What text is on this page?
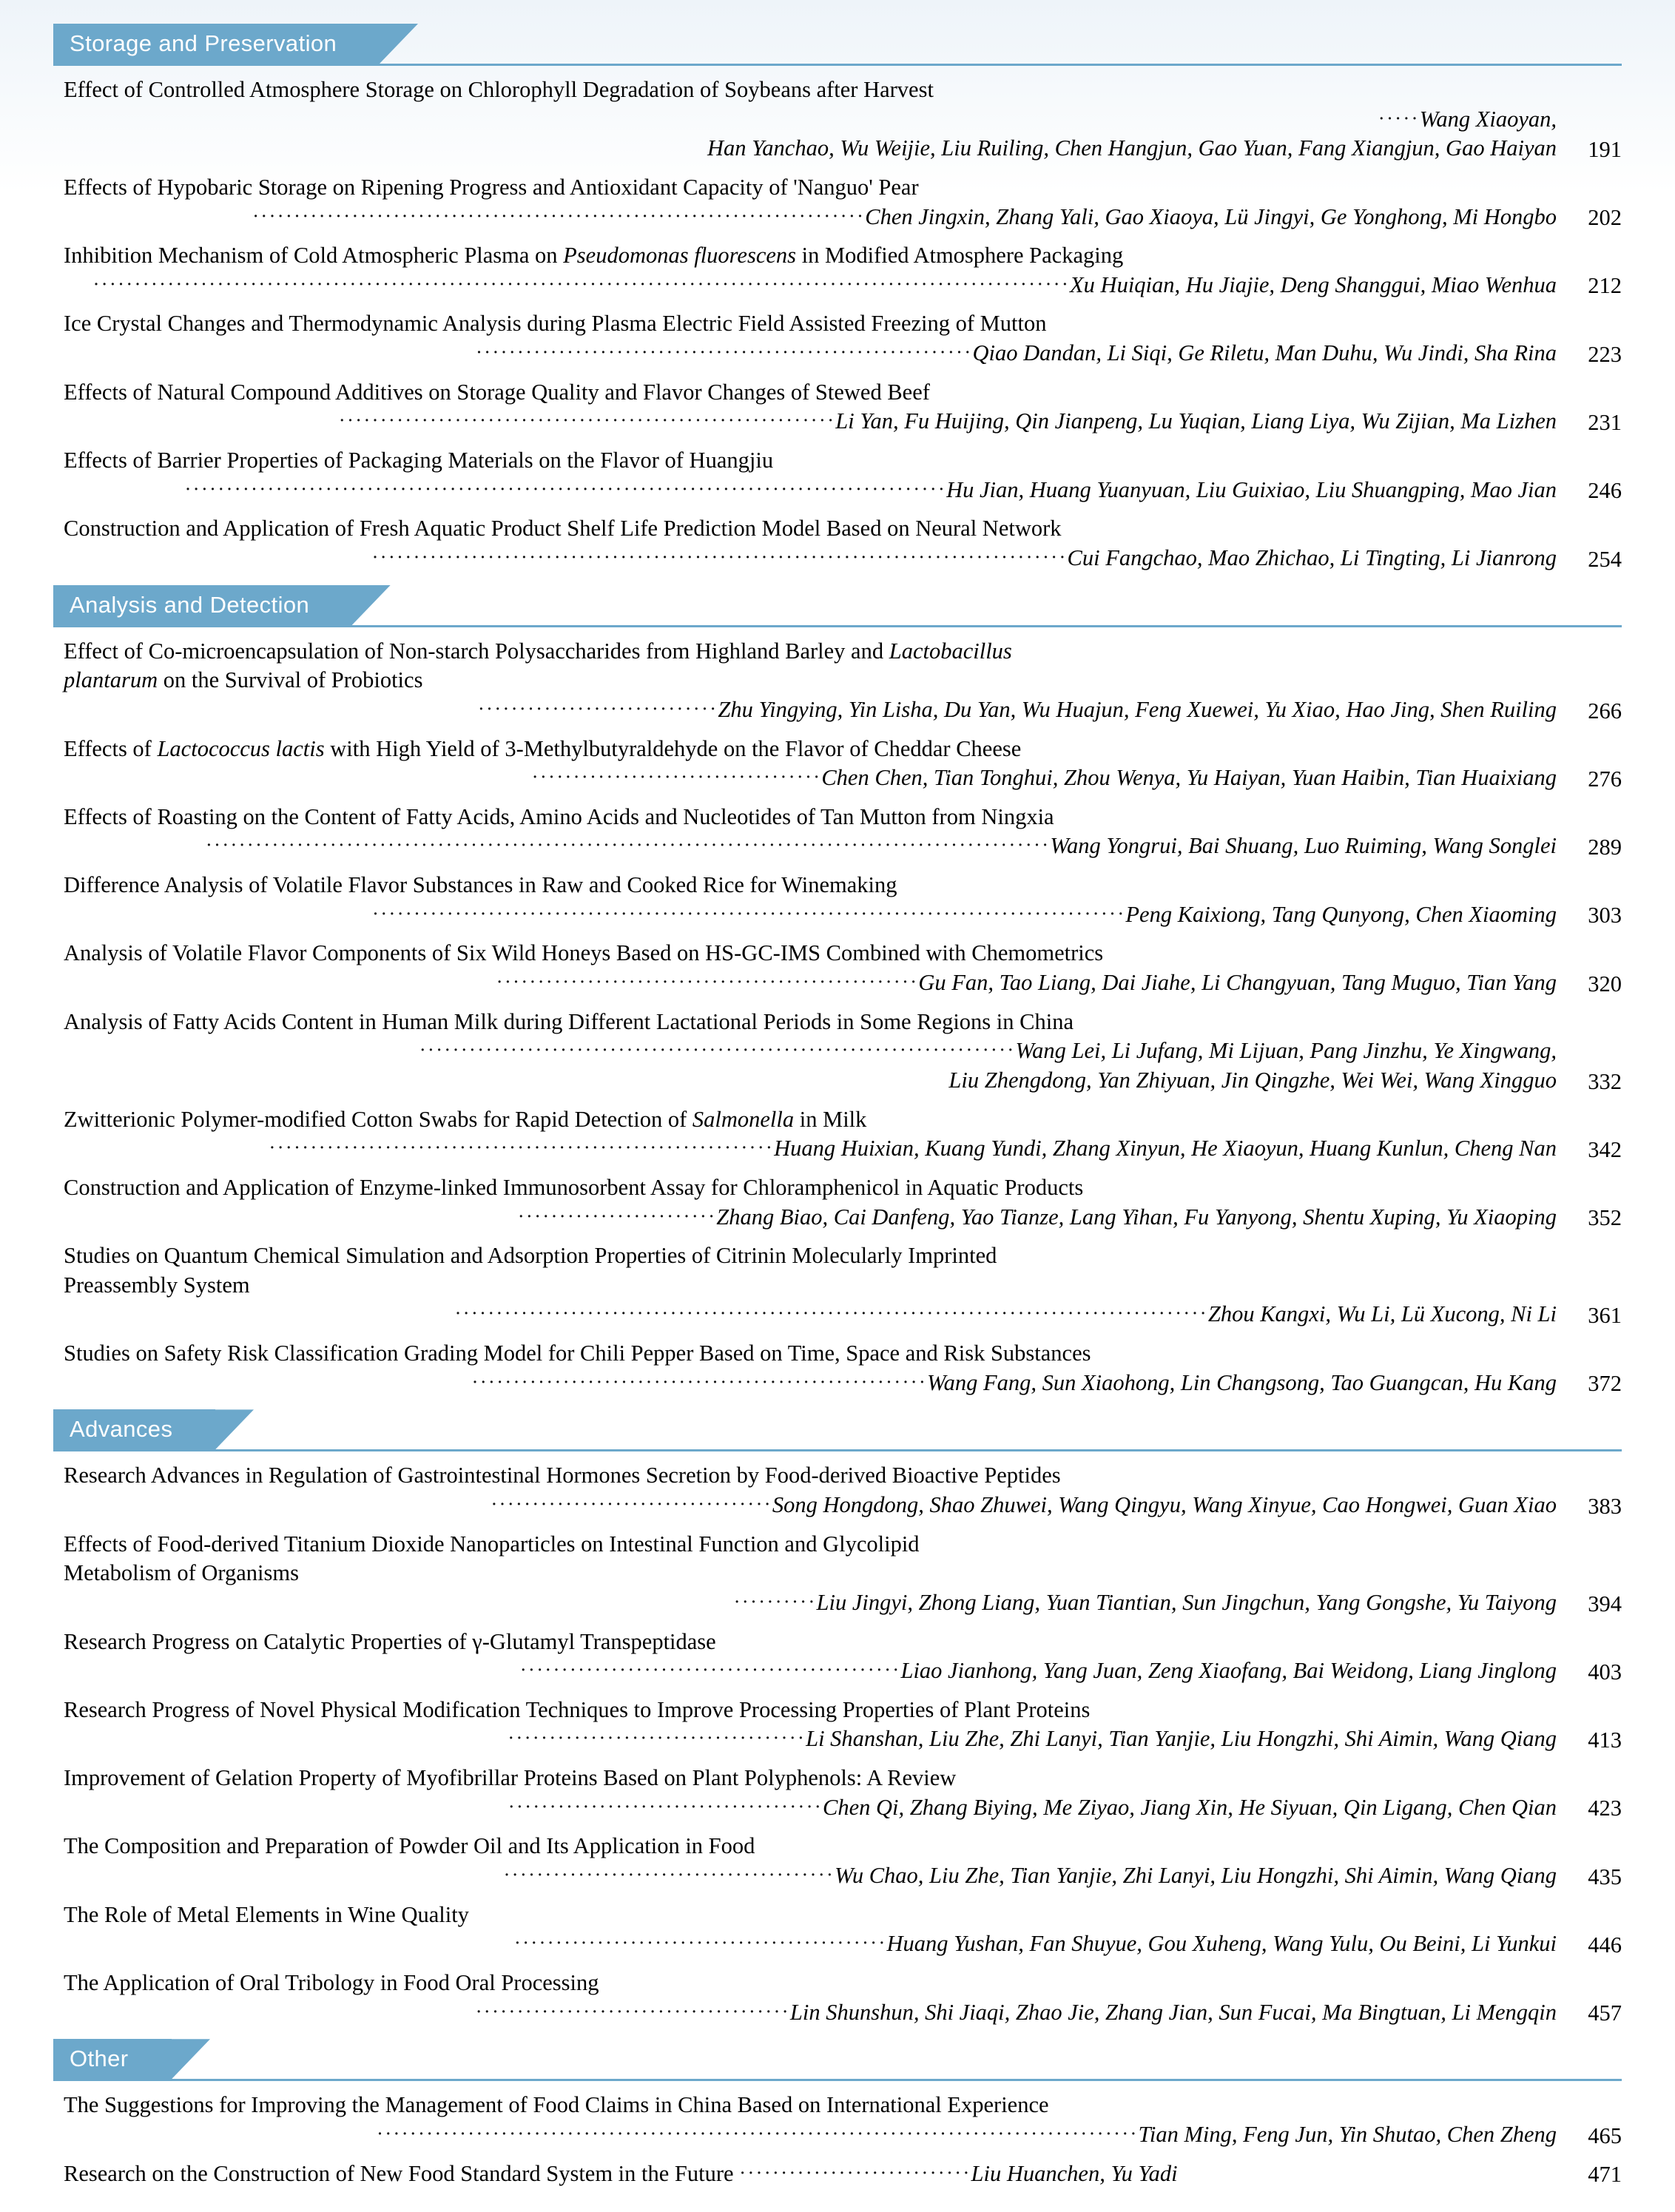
Storage and Preservation
Effect of Controlled Atmosphere Storage on Chlorophyll Degradation of Soybeans after Harvest
·····Wang Xiaoyan,
Han Yanchao, Wu Weijie, Liu Ruiling, Chen Hangjun, Gao Yuan, Fang Xiangjun, Gao Haiyan	191
Effects of Hypobaric Storage on Ripening Progress and Antioxidant Capacity of 'Nanguo' Pear
··········································································Chen Jingxin, Zhang Yali, Gao Xiaoya, Lü Jingyi, Ge Yonghong, Mi Hongbo	202
Inhibition Mechanism of Cold Atmospheric Plasma on Pseudomonas fluorescens in Modified Atmosphere Packaging
······················································································································Xu Huiqian, Hu Jiajie, Deng Shanggui, Miao Wenhua	212
Ice Crystal Changes and Thermodynamic Analysis during Plasma Electric Field Assisted Freezing of Mutton
····························································Qiao Dandan, Li Siqi, Ge Riletu, Man Duhu, Wu Jindi, Sha Rina	223
Effects of Natural Compound Additives on Storage Quality and Flavor Changes of Stewed Beef
····························································Li Yan, Fu Huijing, Qin Jianpeng, Lu Yuqian, Liang Liya, Wu Zijian, Ma Lizhen	231
Effects of Barrier Properties of Packaging Materials on the Flavor of Huangjiu
····························································································Hu Jian, Huang Yuanyuan, Liu Guixiao, Liu Shuangping, Mao Jian	246
Construction and Application of Fresh Aquatic Product Shelf Life Prediction Model Based on Neural Network
····················································································Cui Fangchao, Mao Zhichao, Li Tingting, Li Jianrong	254
Analysis and Detection
Effect of Co-microencapsulation of Non-starch Polysaccharides from Highland Barley and Lactobacillus
plantarum on the Survival of Probiotics
·····························Zhu Yingying, Yin Lisha, Du Yan, Wu Huajun, Feng Xuewei, Yu Xiao, Hao Jing, Shen Ruiling	266
Effects of Lactococcus lactis with High Yield of 3-Methylbutyraldehyde on the Flavor of Cheddar Cheese
···································Chen Chen, Tian Tonghui, Zhou Wenya, Yu Haiyan, Yuan Haibin, Tian Huaixiang	276
Effects of Roasting on the Content of Fatty Acids, Amino Acids and Nucleotides of Tan Mutton from Ningxia
······································································································Wang Yongrui, Bai Shuang, Luo Ruiming, Wang Songlei	289
Difference Analysis of Volatile Flavor Substances in Raw and Cooked Rice for Winemaking
···························································································Peng Kaixiong, Tang Qunyong, Chen Xiaoming	303
Analysis of Volatile Flavor Components of Six Wild Honeys Based on HS-GC-IMS Combined with Chemometrics
···················································Gu Fan, Tao Liang, Dai Jiahe, Li Changyuan, Tang Muguo, Tian Yang	320
Analysis of Fatty Acids Content in Human Milk during Different Lactational Periods in Some Regions in China
········································································Wang Lei, Li Jufang, Mi Lijuan, Pang Jinzhu, Ye Xingwang,
Liu Zhengdong, Yan Zhiyuan, Jin Qingzhe, Wei Wei, Wang Xingguo	332
Zwitterionic Polymer-modified Cotton Swabs for Rapid Detection of Salmonella in Milk
·····························································Huang Huixian, Kuang Yundi, Zhang Xinyun, He Xiaoyun, Huang Kunlun, Cheng Nan	342
Construction and Application of Enzyme-linked Immunosorbent Assay for Chloramphenicol in Aquatic Products
························Zhang Biao, Cai Danfeng, Yao Tianze, Lang Yihan, Fu Yanyong, Shentu Xuping, Yu Xiaoping	352
Studies on Quantum Chemical Simulation and Adsorption Properties of Citrinin Molecularly Imprinted
Preassembly System
···························································································Zhou Kangxi, Wu Li, Lü Xucong, Ni Li	361
Studies on Safety Risk Classification Grading Model for Chili Pepper Based on Time, Space and Risk Substances
·······················································Wang Fang, Sun Xiaohong, Lin Changsong, Tao Guangcan, Hu Kang	372
Advances
Research Advances in Regulation of Gastrointestinal Hormones Secretion by Food-derived Bioactive Peptides
··································Song Hongdong, Shao Zhuwei, Wang Qingyu, Wang Xinyue, Cao Hongwei, Guan Xiao	383
Effects of Food-derived Titanium Dioxide Nanoparticles on Intestinal Function and Glycolipid
Metabolism of Organisms
··········Liu Jingyi, Zhong Liang, Yuan Tiantian, Sun Jingchun, Yang Gongshe, Yu Taiyong	394
Research Progress on Catalytic Properties of γ-Glutamyl Transpeptidase
··············································Liao Jianhong, Yang Juan, Zeng Xiaofang, Bai Weidong, Liang Jinglong	403
Research Progress of Novel Physical Modification Techniques to Improve Processing Properties of Plant Proteins
····································Li Shanshan, Liu Zhe, Zhi Lanyi, Tian Yanjie, Liu Hongzhi, Shi Aimin, Wang Qiang	413
Improvement of Gelation Property of Myofibrillar Proteins Based on Plant Polyphenols: A Review
······································Chen Qi, Zhang Biying, Me Ziyao, Jiang Xin, He Siyuan, Qin Ligang, Chen Qian	423
The Composition and Preparation of Powder Oil and Its Application in Food
········································Wu Chao, Liu Zhe, Tian Yanjie, Zhi Lanyi, Liu Hongzhi, Shi Aimin, Wang Qiang	435
The Role of Metal Elements in Wine Quality
·············································Huang Yushan, Fan Shuyue, Gou Xuheng, Wang Yulu, Ou Beini, Li Yunkui	446
The Application of Oral Tribology in Food Oral Processing
······································Lin Shunshun, Shi Jiaqi, Zhao Jie, Zhang Jian, Sun Fucai, Ma Bingtuan, Li Mengqin	457
Other
The Suggestions for Improving the Management of Food Claims in China Based on International Experience
····························································································Tian Ming, Feng Jun, Yin Shutao, Chen Zheng	465
Research on the Construction of New Food Standard System in the Future ····························Liu Huanchen, Yu Yadi	471
